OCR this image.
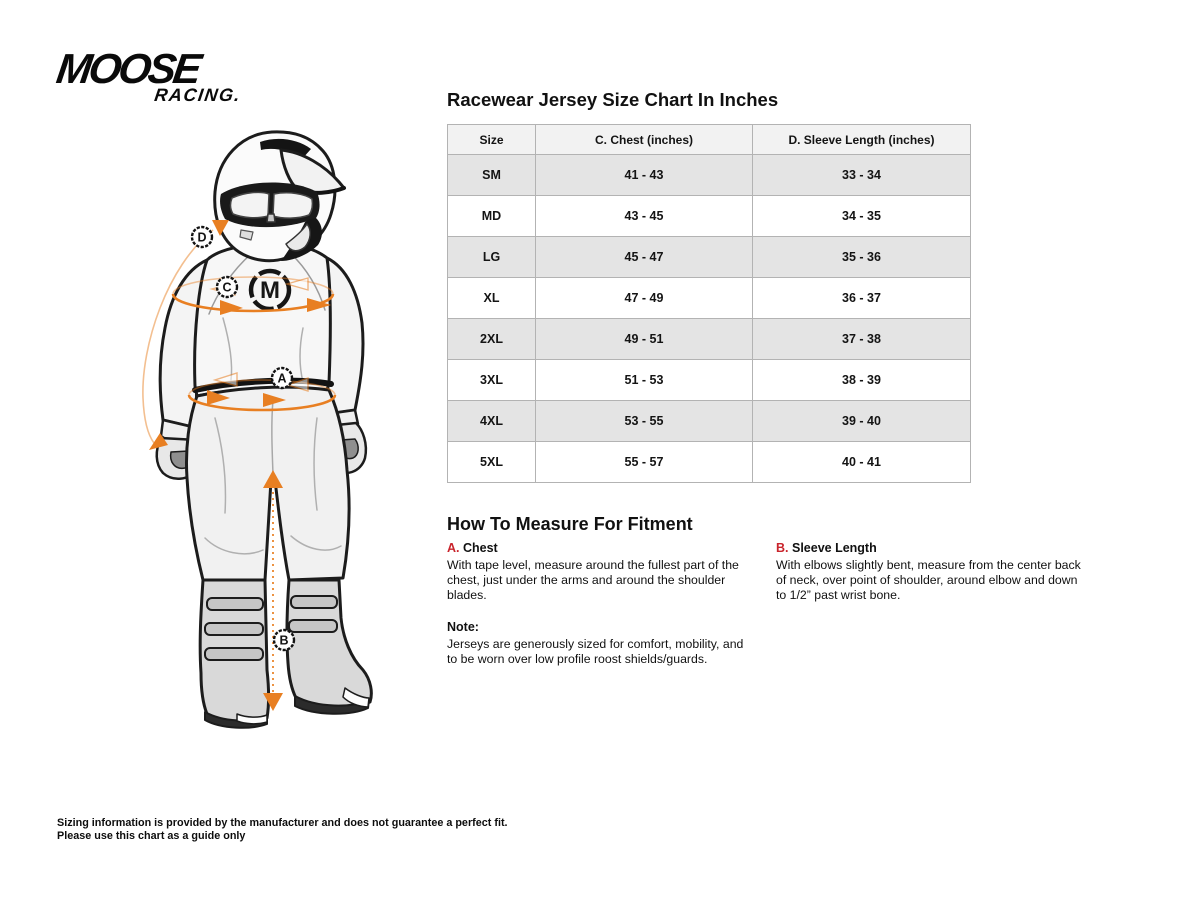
MOOSE
RACING.
M
D
C
A
B
Racewear Jersey Size Chart In Inches
Size	C. Chest (inches)	D. Sleeve Length (inches)
SM	41 - 43	33 - 34
MD	43 - 45	34 - 35
LG	45 - 47	35 - 36
XL	47 - 49	36 - 37
2XL	49 - 51	37 - 38
3XL	51 - 53	38 - 39
4XL	53 - 55	39 - 40
5XL	55 - 57	40 - 41
How To Measure For Fitment
A. Chest
With tape level, measure around the fullest part of the chest, just under the arms and around the shoulder blades.
B. Sleeve Length
With elbows slightly bent, measure from the center back of neck, over point of shoulder, around elbow and down to 1/2” past wrist bone.
Note:
Jerseys are generously sized for comfort, mobility, and to be worn over low profile roost shields/guards.
Sizing information is provided by the manufacturer and does not guarantee a perfect fit.
Please use this chart as a guide only
